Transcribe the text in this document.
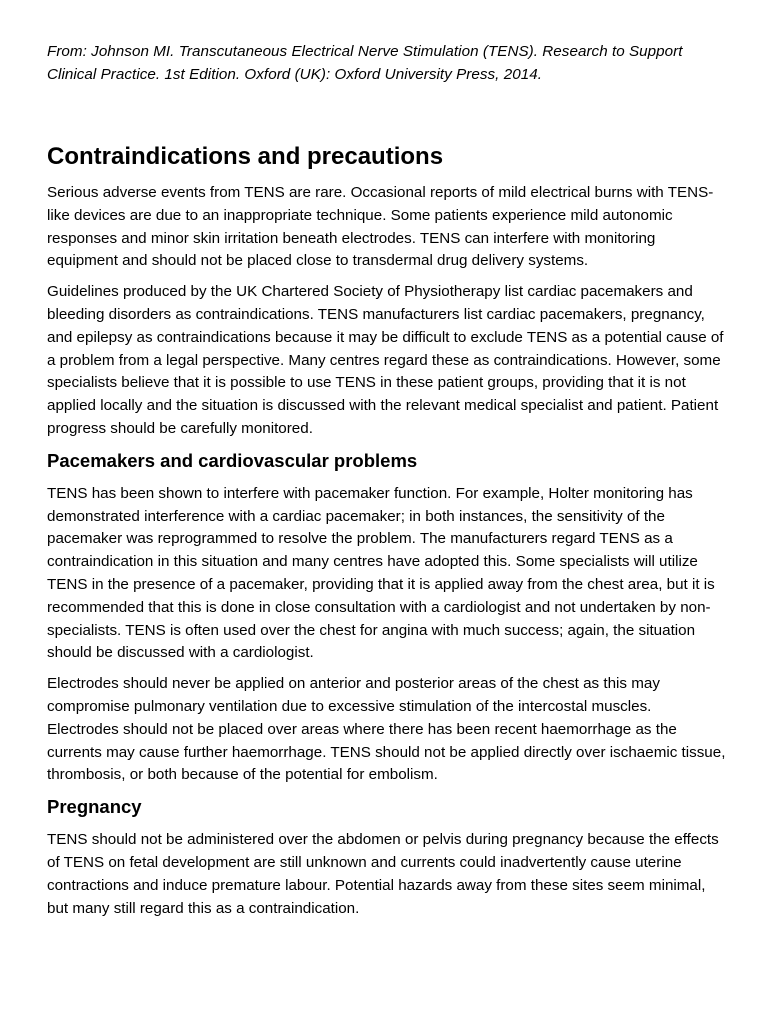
From: Johnson MI. Transcutaneous Electrical Nerve Stimulation (TENS). Research to Support Clinical Practice. 1st Edition. Oxford (UK): Oxford University Press, 2014.

Contraindications and precautions

Serious adverse events from TENS are rare. Occasional reports of mild electrical burns with TENS-like devices are due to an inappropriate technique. Some patients experience mild autonomic responses and minor skin irritation beneath electrodes. TENS can interfere with monitoring equipment and should not be placed close to transdermal drug delivery systems.

Guidelines produced by the UK Chartered Society of Physiotherapy list cardiac pacemakers and bleeding disorders as contraindications. TENS manufacturers list cardiac pacemakers, pregnancy, and epilepsy as contraindications because it may be difficult to exclude TENS as a potential cause of a problem from a legal perspective. Many centres regard these as contraindications. However, some specialists believe that it is possible to use TENS in these patient groups, providing that it is not applied locally and the situation is discussed with the relevant medical specialist and patient. Patient progress should be carefully monitored.

Pacemakers and cardiovascular problems

TENS has been shown to interfere with pacemaker function. For example, Holter monitoring has demonstrated interference with a cardiac pacemaker; in both instances, the sensitivity of the pacemaker was reprogrammed to resolve the problem. The manufacturers regard TENS as a contraindication in this situation and many centres have adopted this. Some specialists will utilize TENS in the presence of a pacemaker, providing that it is applied away from the chest area, but it is recommended that this is done in close consultation with a cardiologist and not undertaken by non-specialists. TENS is often used over the chest for angina with much success; again, the situation should be discussed with a cardiologist.

Electrodes should never be applied on anterior and posterior areas of the chest as this may compromise pulmonary ventilation due to excessive stimulation of the intercostal muscles. Electrodes should not be placed over areas where there has been recent haemorrhage as the currents may cause further haemorrhage. TENS should not be applied directly over ischaemic tissue, thrombosis, or both because of the potential for embolism.

Pregnancy

TENS should not be administered over the abdomen or pelvis during pregnancy because the effects of TENS on fetal development are still unknown and currents could inadvertently cause uterine contractions and induce premature labour. Potential hazards away from these sites seem minimal, but many still regard this as a contraindication.
